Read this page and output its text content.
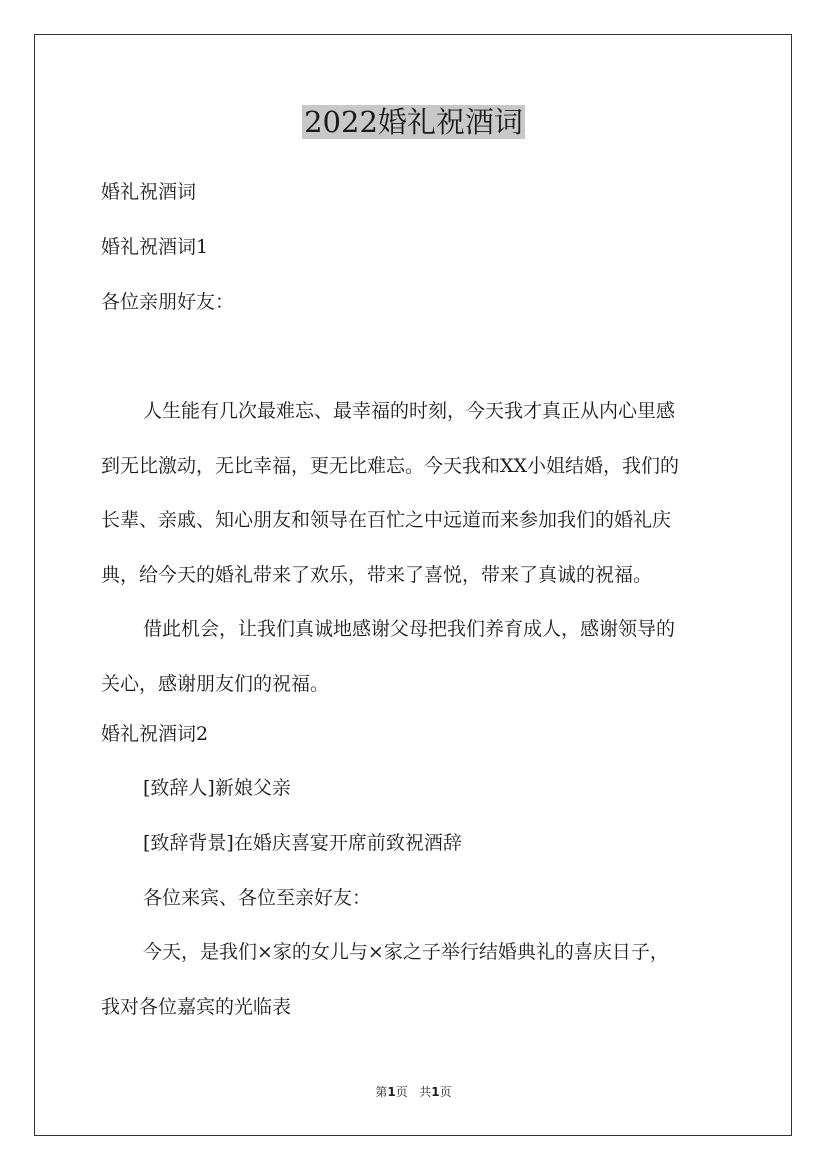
2022婚礼祝酒词

婚礼祝酒词

婚礼祝酒词1

各位亲朋好友：

人生能有几次最难忘、最幸福的时刻，今天我才真正从内心里感

到无比激动，无比幸福，更无比难忘。今天我和XX小姐结婚，我们的

长辈、亲戚、知心朋友和领导在百忙之中远道而来参加我们的婚礼庆

典，给今天的婚礼带来了欢乐，带来了喜悦，带来了真诚的祝福。

借此机会，让我们真诚地感谢父母把我们养育成人，感谢领导的

关心，感谢朋友们的祝福。

婚礼祝酒词2

[致辞人]新娘父亲

[致辞背景]在婚庆喜宴开席前致祝酒辞

各位来宾、各位至亲好友：

今天，是我们×家的女儿与×家之子举行结婚典礼的喜庆日子，

我对各位嘉宾的光临表

第1页   共1页
